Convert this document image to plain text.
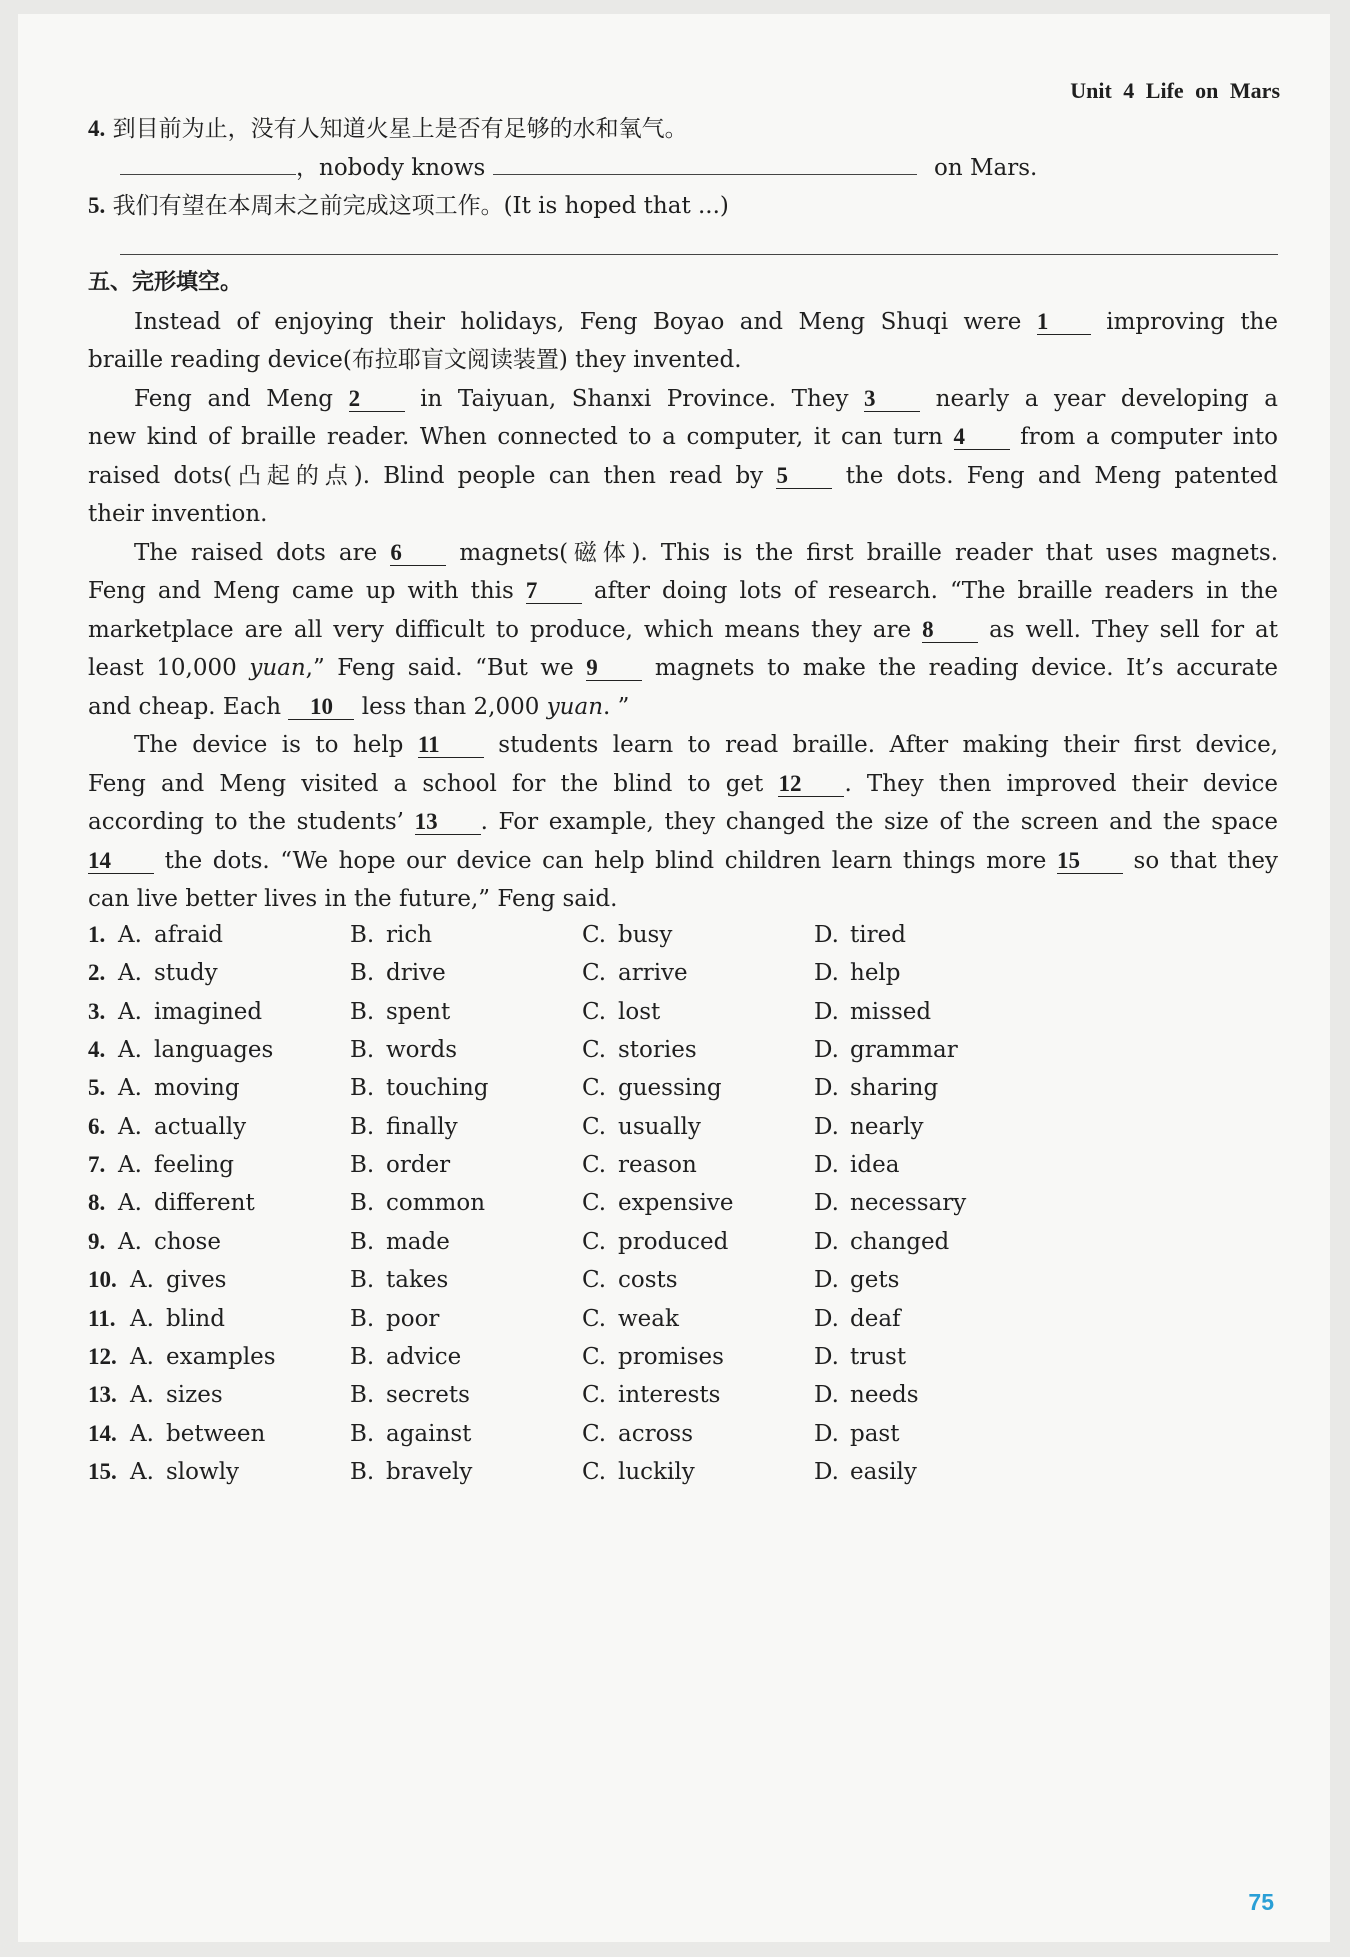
Unit 4 Life on Mars
4. 到目前为止，没有人知道火星上是否有足够的水和氧气。
，nobody knows	on Mars.
5. 我们有望在本周末之前完成这项工作。(It is hoped that ...)
五、完形填空。
Instead of enjoying their holidays, Feng Boyao and Meng Shuqi were 1	improving the
braille reading device(布拉耶盲文阅读装置) they invented.
Feng and Meng 2	in Taiyuan, Shanxi Province. They 3	nearly a year developing a
new kind of braille reader. When connected to a computer, it can turn 4 from a computer into
raised dots(凸起的点). Blind people can then read by 5	the dots. Feng and Meng patented
their invention.
The raised dots are 6	magnets(磁体). This is the first braille reader that uses magnets.
Feng and Meng came up with this 7 after doing lots of research. “The braille readers in the
marketplace are all very difficult to produce, which means they are 8 as well. They sell for at
least 10,000 yuan,” Feng said. “But we 9 magnets to make the reading device. It’s accurate
and cheap. Each 10 less than 2,000 yuan. ”
The device is to help 11	students learn to read braille. After making their first device,
Feng and Meng visited a school for the blind to get 12 . They then improved their device
according to the students’ 13 . For example, they changed the size of the screen and the space
14 the dots. “We hope our device can help blind children learn things more 15 so that they
can live better lives in the future,” Feng said.
1. A. afraid	B. rich	C. busy	D. tired
2. A. study	B. drive	C. arrive	D. help
3. A. imagined	B. spent	C. lost	D. missed
4. A. languages	B. words	C. stories	D. grammar
5. A. moving	B. touching	C. guessing	D. sharing
6. A. actually	B. finally	C. usually	D. nearly
7. A. feeling	B. order	C. reason	D. idea
8. A. different	B. common	C. expensive	D. necessary
9. A. chose	B. made	C. produced	D. changed
10. A. gives	B. takes	C. costs	D. gets
11. A. blind	B. poor	C. weak	D. deaf
12. A. examples	B. advice	C. promises	D. trust
13. A. sizes	B. secrets	C. interests	D. needs
14. A. between	B. against	C. across	D. past
15. A. slowly	B. bravely	C. luckily	D. easily
75
